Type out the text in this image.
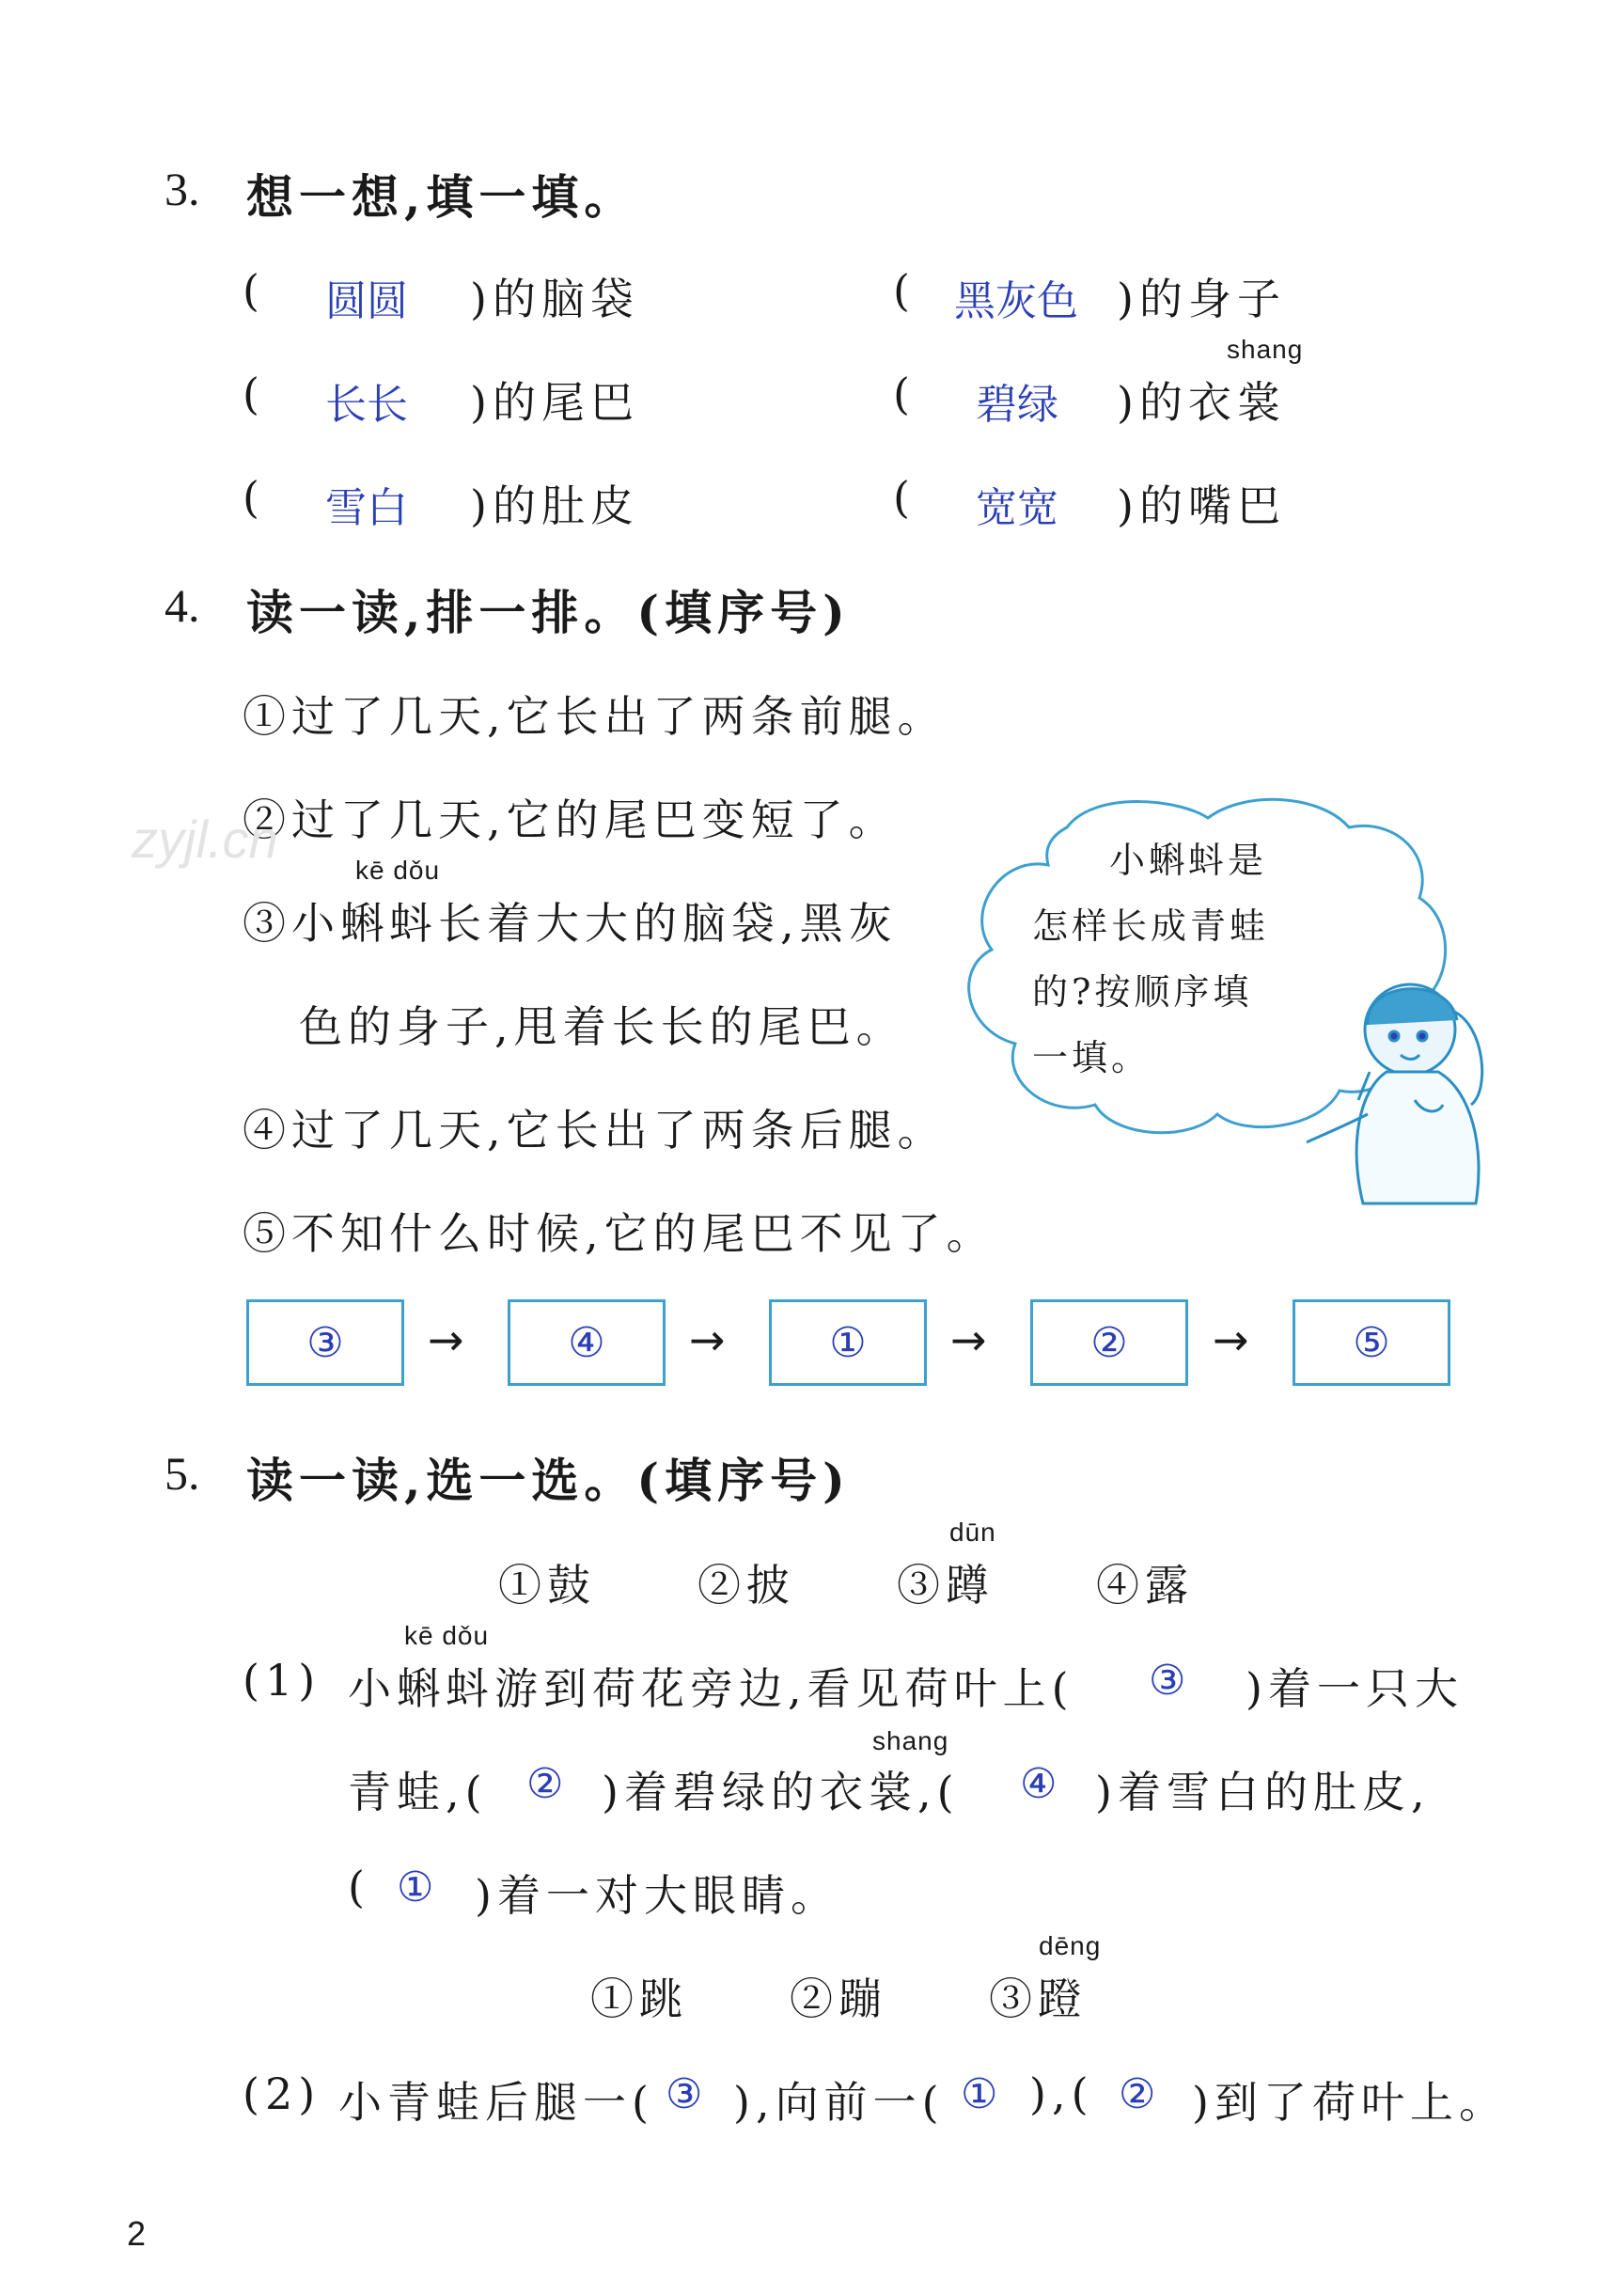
3. 想一想,填一填。
( 圆圆 )的脑袋	( 黑灰色 )的身子
shang
( 长长 )的尾巴	( 碧绿 )的衣裳
( 雪白 )的肚皮	( 宽宽 )的嘴巴
4. 读一读,排一排。(填序号)
①过了几天,它长出了两条前腿。
②过了几天,它的尾巴变短了。
kē dǒu
③小蝌蚪长着大大的脑袋,黑灰
色的身子,甩着长长的尾巴。
④过了几天,它长出了两条后腿。
⑤不知什么时候,它的尾巴不见了。
zyjl.cn	小蝌蚪是
怎样长成青蛙
的?按顺序填
一填。
③	→	④	→	①	→	②	→	⑤
5. 读一读,选一选。(填序号)
dūn
①鼓 ②披 ③蹲 ④露
kē dǒu
(1) 小蝌蚪游到荷花旁边,看见荷叶上( ③ )着一只大
shang
青蛙,( ② )着碧绿的衣裳,( ④ )着雪白的肚皮,
( ① )着一对大眼睛。
dēng
①跳 ②蹦 ③蹬
(2) 小青蛙后腿一( ③ ),向前一( ① ),( ② )到了荷叶上。
2
